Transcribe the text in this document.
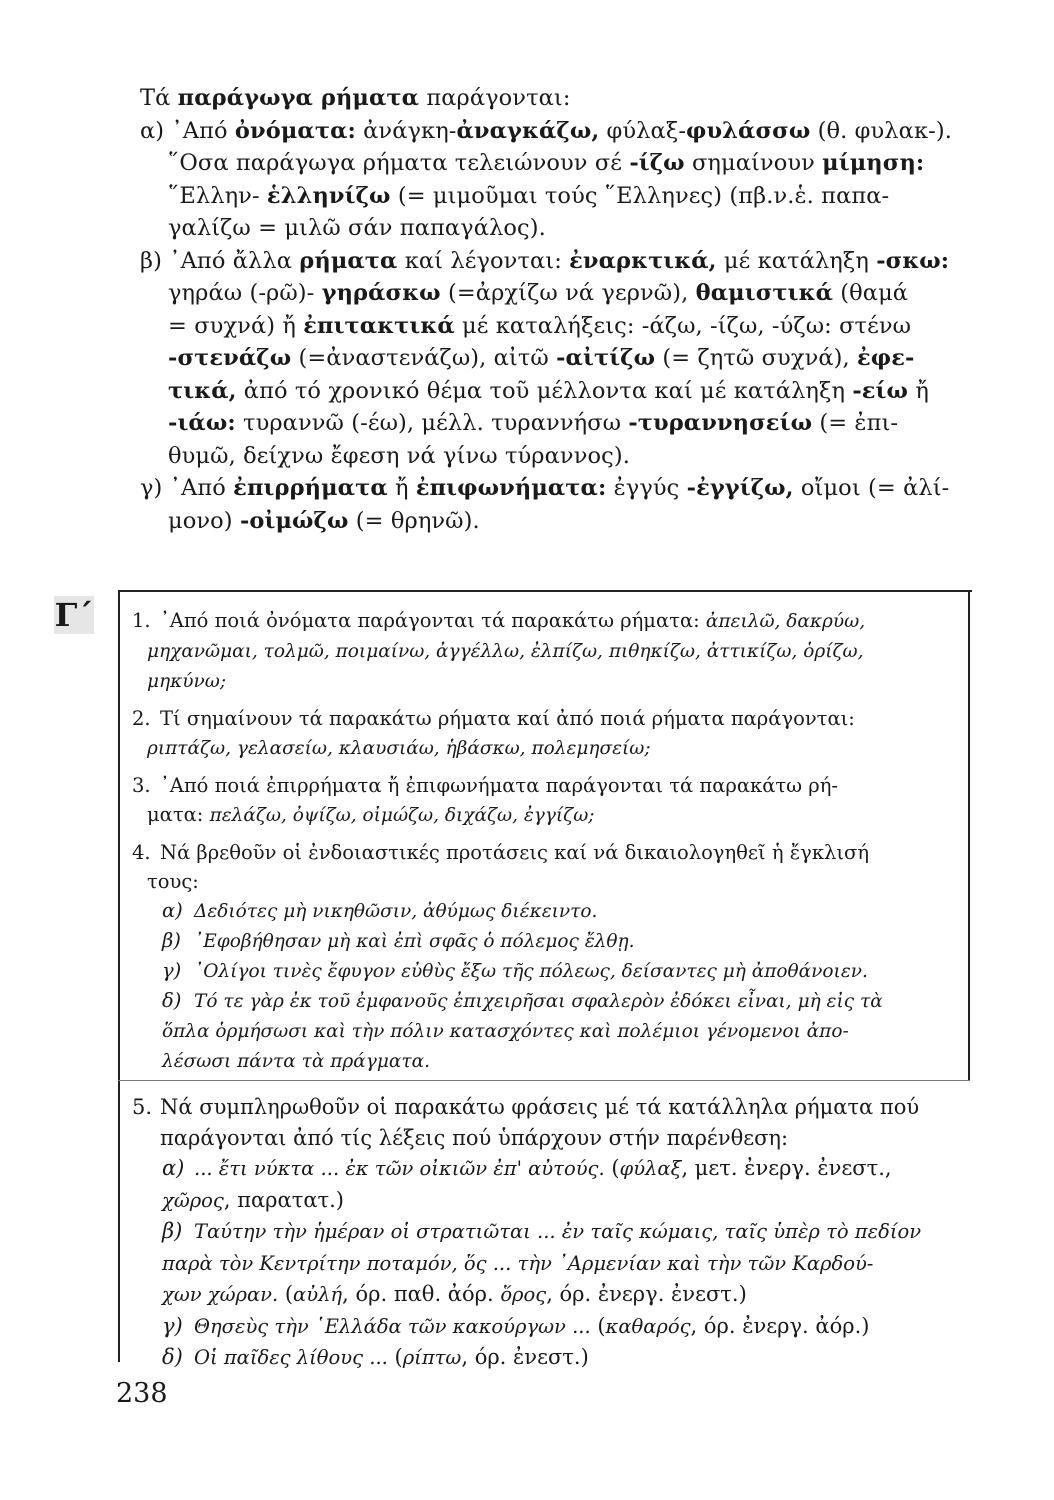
Τά παράγωγα ρήματα παράγονται:

α) ᾿Από ὀνόματα: ἀνάγκη-ἀναγκάζω, φύλαξ-φυλάσσω (θ. φυλακ-).

῞Οσα παράγωγα ρήματα τελειώνουν σέ -ίζω σημαίνουν μίμηση:

῞Ελλην- ἑλληνίζω (= μιμοῦμαι τούς ῞Ελληνες) (πβ.ν.ἑ. παπα-

γαλίζω = μιλῶ σάν παπαγάλος).

β) ᾿Από ἄλλα ρήματα καί λέγονται: ἐναρκτικά, μέ κατάληξη -σκω:

γηράω (-ρῶ)- γηράσκω (=ἀρχίζω νά γερνῶ), θαμιστικά (θαμά

= συχνά) ἤ ἐπιτακτικά μέ καταλήξεις: -άζω, -ίζω, -ύζω: στένω

-στενάζω (=ἀναστενάζω), αἰτῶ -αἰτίζω (= ζητῶ συχνά), ἐφε-

τικά, ἀπό τό χρονικό θέμα τοῦ μέλλοντα καί μέ κατάληξη -είω ἤ

-ιάω: τυραννῶ (-έω), μέλλ. τυραννήσω -τυραννησείω (= ἐπι-

θυμῶ, δείχνω ἔφεση νά γίνω τύραννος).

γ) ᾿Από ἐπιρρήματα ἤ ἐπιφωνήματα: ἐγγύς -ἐγγίζω, οἴμοι (= ἀλί-

μονο) -οἰμώζω (= θρηνῶ).

Γ΄ 1. ᾿Από ποιά ὀνόματα παράγονται τά παρακάτω ρήματα: ἀπειλῶ, δακρύω,
μηχανῶμαι, τολμῶ, ποιμαίνω, ἀγγέλλω, ἐλπίζω, πιθηκίζω, ἀττικίζω, ὁρίζω,
μηκύνω;
2. Τί σημαίνουν τά παρακάτω ρήματα καί ἀπό ποιά ρήματα παράγονται:
ριπτάζω, γελασείω, κλαυσιάω, ἡβάσκω, πολεμησείω;
3. ᾿Από ποιά ἐπιρρήματα ἤ ἐπιφωνήματα παράγονται τά παρακάτω ρή-
ματα: πελάζω, ὀψίζω, οἰμώζω, διχάζω, ἐγγίζω;
4. Νά βρεθοῦν οἱ ἐνδοιαστικές προτάσεις καί νά δικαιολογηθεῖ ἡ ἔγκλισή
τους:
α) Δεδιότες μὴ νικηθῶσιν, ἀθύμως διέκειντο.
β) ᾿Εφοβήθησαν μὴ καὶ ἐπὶ σφᾶς ὁ πόλεμος ἔλθῃ.
γ) ᾿Ολίγοι τινὲς ἔφυγον εὐθὺς ἔξω τῆς πόλεως, δείσαντες μὴ ἀποθάνοιεν.
δ) Τό τε γὰρ ἐκ τοῦ ἐμφανοῦς ἐπιχειρῆσαι σφαλερὸν ἐδόκει εἶναι, μὴ εἰς τὰ
ὅπλα ὁρμήσωσι καὶ τὴν πόλιν κατασχόντες καὶ πολέμιοι γένομενοι ἀπο-
λέσωσι πάντα τὰ πράγματα.
5. Νά συμπληρωθοῦν οἱ παρακάτω φράσεις μέ τά κατάλληλα ρήματα πού
παράγονται ἀπό τίς λέξεις πού ὑπάρχουν στήν παρένθεση:
α) ... ἔτι νύκτα ... ἐκ τῶν οἰκιῶν ἐπ' αὐτούς. (φύλαξ, μετ. ἐνεργ. ἐνεστ.,
χῶρος, παρατατ.)
β) Ταύτην τὴν ἡμέραν οἱ στρατιῶται ... ἐν ταῖς κώμαις, ταῖς ὑπὲρ τὸ πεδίον
παρὰ τὸν Κεντρίτην ποταμόν, ὅς ... τὴν ᾿Αρμενίαν καὶ τὴν τῶν Καρδού-
χων χώραν. (αὐλή, όρ. παθ. ἀόρ. ὅρος, όρ. ἐνεργ. ἐνεστ.)
γ) Θησεὺς τὴν ῾Ελλάδα τῶν κακούργων ... (καθαρός, όρ. ἐνεργ. ἀόρ.)
δ) Οἱ παῖδες λίθους ... (ρίπτω, όρ. ἐνεστ.)
238
